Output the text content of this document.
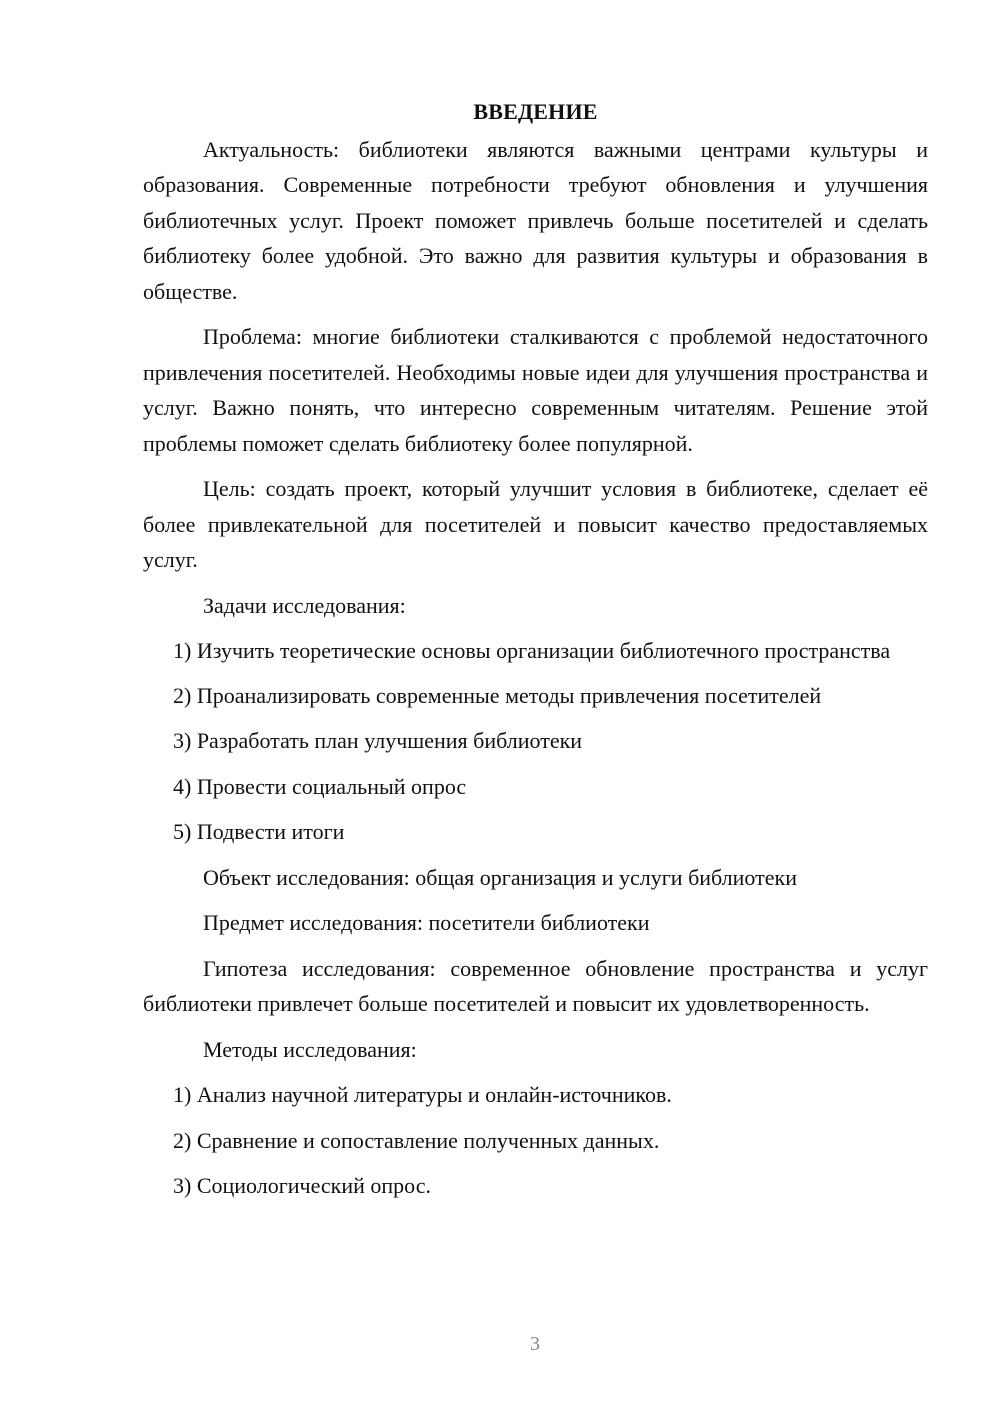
ВВЕДЕНИЕ

Актуальность: библиотеки являются важными центрами культуры и образования. Современные потребности требуют обновления и улучшения библиотечных услуг. Проект поможет привлечь больше посетителей и сделать библиотеку более удобной. Это важно для развития культуры и образования в обществе.

Проблема: многие библиотеки сталкиваются с проблемой недостаточного привлечения посетителей. Необходимы новые идеи для улучшения пространства и услуг. Важно понять, что интересно современным читателям. Решение этой проблемы поможет сделать библиотеку более популярной.

Цель: создать проект, который улучшит условия в библиотеке, сделает её более привлекательной для посетителей и повысит качество предоставляемых услуг.

Задачи исследования:

1) Изучить теоретические основы организации библиотечного пространства

2) Проанализировать современные методы привлечения посетителей

3) Разработать план улучшения библиотеки

4) Провести социальный опрос

5) Подвести итоги

Объект исследования: общая организация и услуги библиотеки

Предмет исследования: посетители библиотеки

Гипотеза исследования: современное обновление пространства и услуг библиотеки привлечет больше посетителей и повысит их удовлетворенность.

Методы исследования:

1) Анализ научной литературы и онлайн-источников.

2) Сравнение и сопоставление полученных данных.

3) Социологический опрос.

3
